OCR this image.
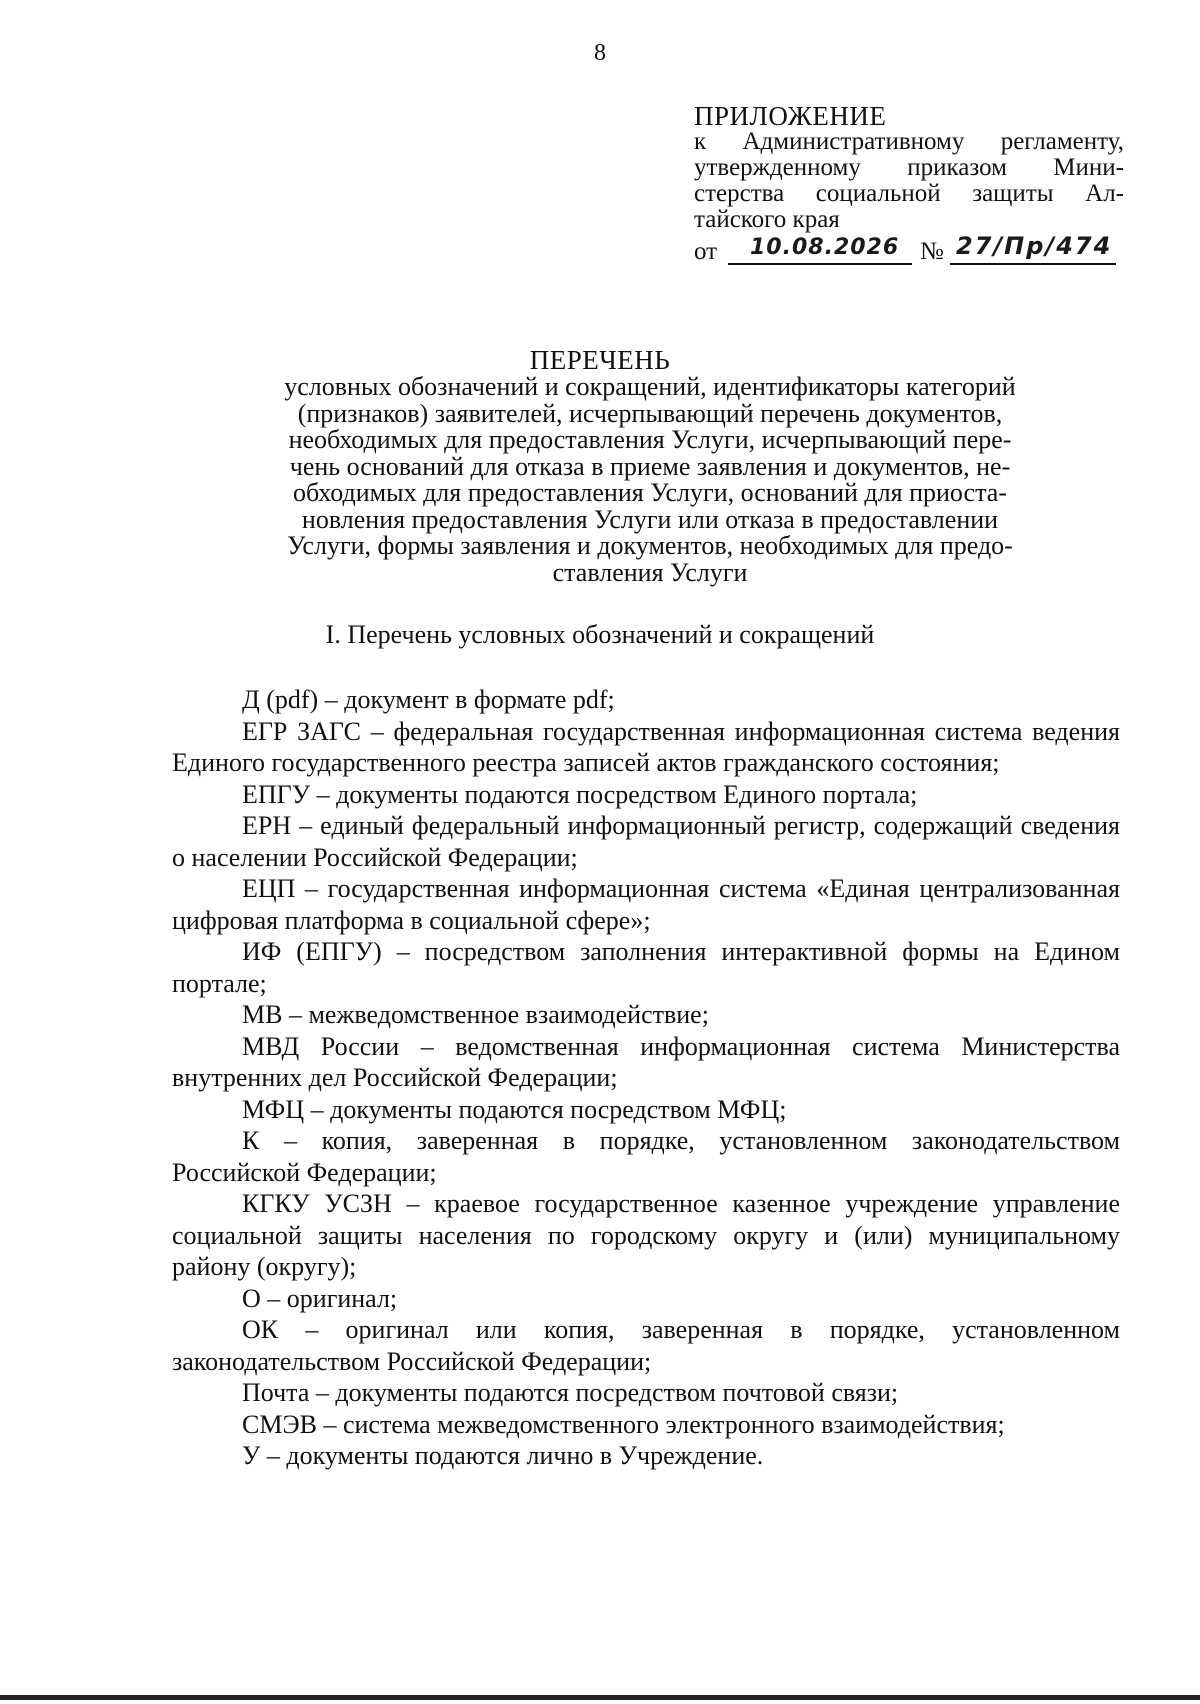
8
ПРИЛОЖЕНИЕ
к Административному регламенту,
утвержденному приказом Мини-
стерства социальной защиты Ал-
тайского края
от	10.08.2026 № 27/Пр/474
ПЕРЕЧЕНЬ
условных обозначений и сокращений, идентификаторы категорий
(признаков) заявителей, исчерпывающий перечень документов,
необходимых для предоставления Услуги, исчерпывающий пере-
чень оснований для отказа в приеме заявления и документов, не-
обходимых для предоставления Услуги, оснований для приоста-
новления предоставления Услуги или отказа в предоставлении
Услуги, формы заявления и документов, необходимых для предо-
ставления Услуги
I. Перечень условных обозначений и сокращений

Д (pdf) – документ в формате pdf;

ЕГР ЗАГС – федеральная государственная информационная система ведения Единого государственного реестра записей актов гражданского состояния;

ЕПГУ – документы подаются посредством Единого портала;

ЕРН – единый федеральный информационный регистр, содержащий сведения о населении Российской Федерации;

ЕЦП – государственная информационная система «Единая централизованная цифровая платформа в социальной сфере»;

ИФ (ЕПГУ) – посредством заполнения интерактивной формы на Едином портале;

МВ – межведомственное взаимодействие;

МВД России – ведомственная информационная система Министерства внутренних дел Российской Федерации;

МФЦ – документы подаются посредством МФЦ;

К – копия, заверенная в порядке, установленном законодательством Российской Федерации;

КГКУ УСЗН – краевое государственное казенное учреждение управление социальной защиты населения по городскому округу и (или) муниципальному району (округу);

О – оригинал;

ОК – оригинал или копия, заверенная в порядке, установленном законодательством Российской Федерации;

Почта – документы подаются посредством почтовой связи;

СМЭВ – система межведомственного электронного взаимодействия;

У – документы подаются лично в Учреждение.
